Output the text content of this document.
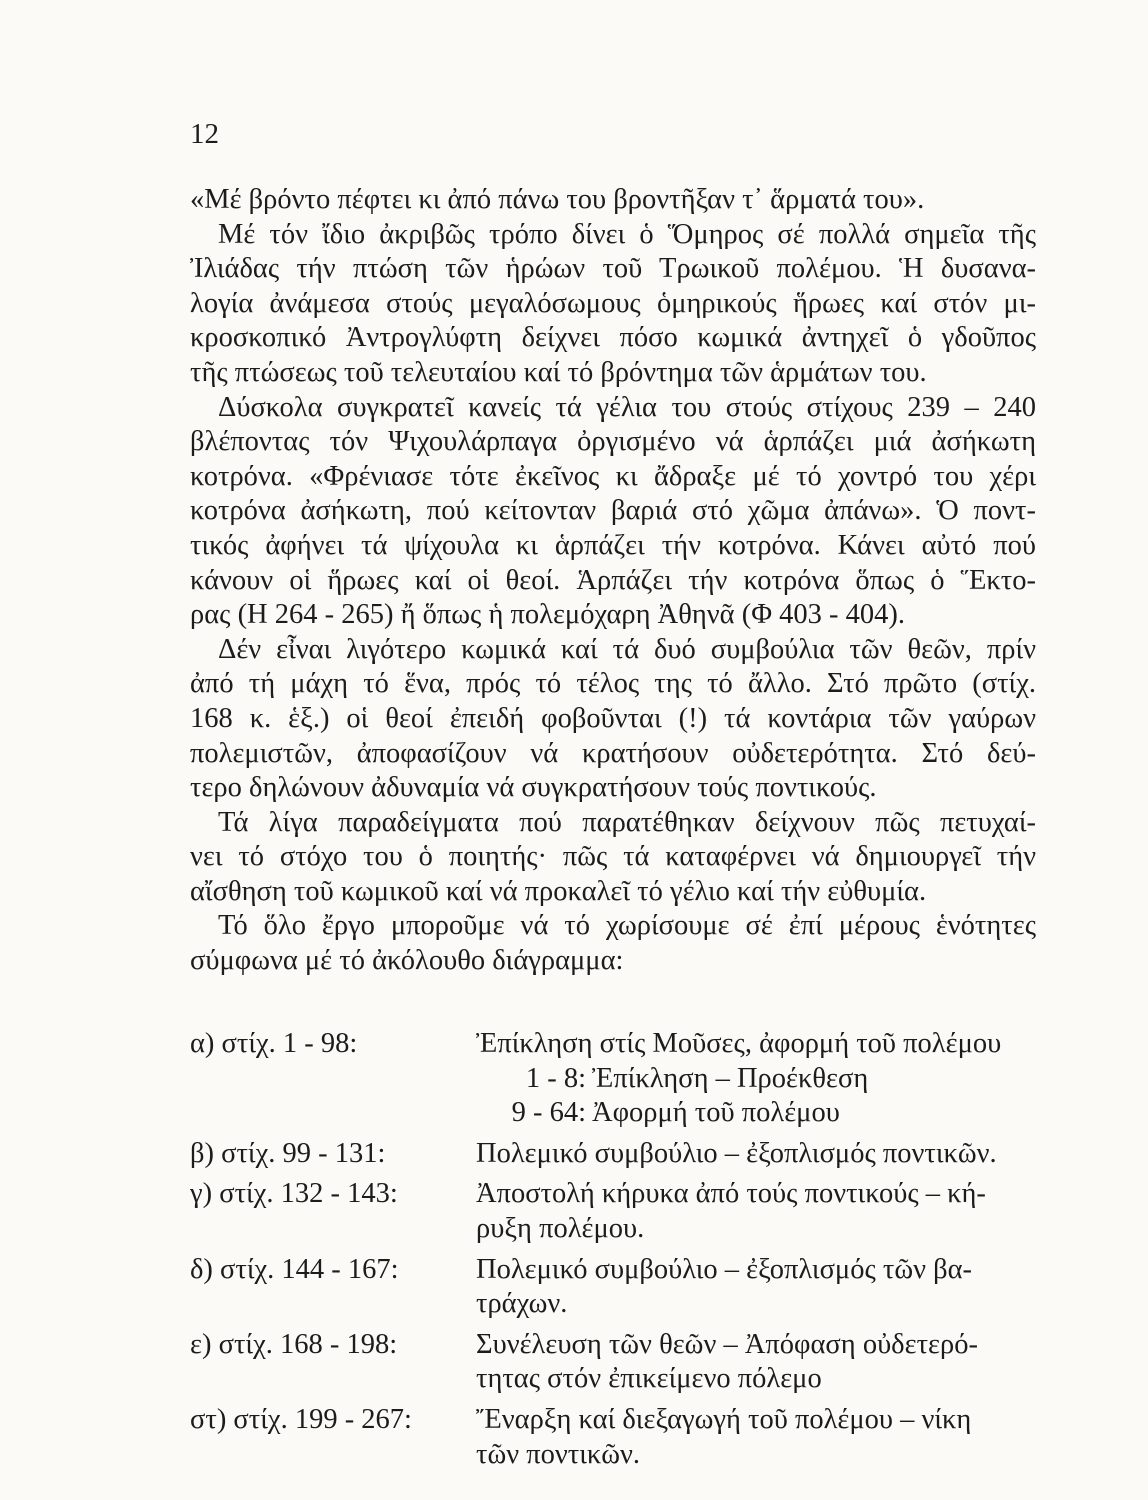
12

«Μέ βρόντο πέφτει κι ἀπό πάνω του βροντῆξαν τ᾽ ἅρματά του».

Μέ τόν ἴδιο ἀκριβῶς τρόπο δίνει ὁ Ὅμηρος σέ πολλά σημεῖα τῆς

Ἰλιάδας τήν πτώση τῶν ἡρώων τοῦ Τρωικοῦ πολέμου. Ἡ δυσανα-

λογία ἀνάμεσα στούς μεγαλόσωμους ὁμηρικούς ἥρωες καί στόν μι-

κροσκοπικό Ἀντρογλύφτη δείχνει πόσο κωμικά ἀντηχεῖ ὁ γδοῦπος

τῆς πτώσεως τοῦ τελευταίου καί τό βρόντημα τῶν ἁρμάτων του.

Δύσκολα συγκρατεῖ κανείς τά γέλια του στούς στίχους 239 – 240

βλέποντας τόν Ψιχουλάρπαγα ὀργισμένο νά ἁρπάζει μιά ἀσήκωτη

κοτρόνα. «Φρένιασε τότε ἐκεῖνος κι ἄδραξε μέ τό χοντρό του χέρι

κοτρόνα ἀσήκωτη, πού κείτονταν βαριά στό χῶμα ἀπάνω». Ὁ ποντ-

τικός ἀφήνει τά ψίχουλα κι ἁρπάζει τήν κοτρόνα. Κάνει αὐτό πού

κάνουν οἱ ἥρωες καί οἱ θεοί. Ἁρπάζει τήν κοτρόνα ὅπως ὁ Ἕκτο-

ρας (Η 264 - 265) ἤ ὅπως ἡ πολεμόχαρη Ἀθηνᾶ (Φ 403 - 404).

Δέν εἶναι λιγότερο κωμικά καί τά δυό συμβούλια τῶν θεῶν, πρίν

ἀπό τή μάχη τό ἕνα, πρός τό τέλος της τό ἄλλο. Στό πρῶτο (στίχ.

168 κ. ἑξ.) οἱ θεοί ἐπειδή φοβοῦνται (!) τά κοντάρια τῶν γαύρων

πολεμιστῶν, ἀποφασίζουν νά κρατήσουν οὐδετερότητα. Στό δεύ-

τερο δηλώνουν ἀδυναμία νά συγκρατήσουν τούς ποντικούς.

Τά λίγα παραδείγματα πού παρατέθηκαν δείχνουν πῶς πετυχαί-

νει τό στόχο του ὁ ποιητής· πῶς τά καταφέρνει νά δημιουργεῖ τήν

αἴσθηση τοῦ κωμικοῦ καί νά προκαλεῖ τό γέλιο καί τήν εὐθυμία.

Τό ὅλο ἔργο μπορoῦμε νά τό χωρίσουμε σέ ἐπί μέρους ἑνότητες

σύμφωνα μέ τό ἀκόλουθο διάγραμμα:

α) στίχ. 1 - 98:	Ἐπίκληση στίς Μοῦσες, ἀφορμή τοῦ πολέμου
1 - 8: Ἐπίκληση – Προέκθεση
9 - 64: Ἀφορμή τοῦ πολέμου
β) στίχ. 99 - 131:	Πολεμικό συμβούλιο – ἐξοπλισμός ποντικῶν.
γ) στίχ. 132 - 143:	Ἀποστολή κήρυκα ἀπό τούς ποντικούς – κή-
ρυξη πολέμου.
δ) στίχ. 144 - 167:	Πολεμικό συμβούλιο – ἐξοπλισμός τῶν βα-
τράχων.
ε) στίχ. 168 - 198:	Συνέλευση τῶν θεῶν – Ἀπόφαση οὐδετερό-
τητας στόν ἐπικείμενο πόλεμο
στ) στίχ. 199 - 267:	Ἔναρξη καί διεξαγωγή τοῦ πολέμου – νίκη
τῶν ποντικῶν.
